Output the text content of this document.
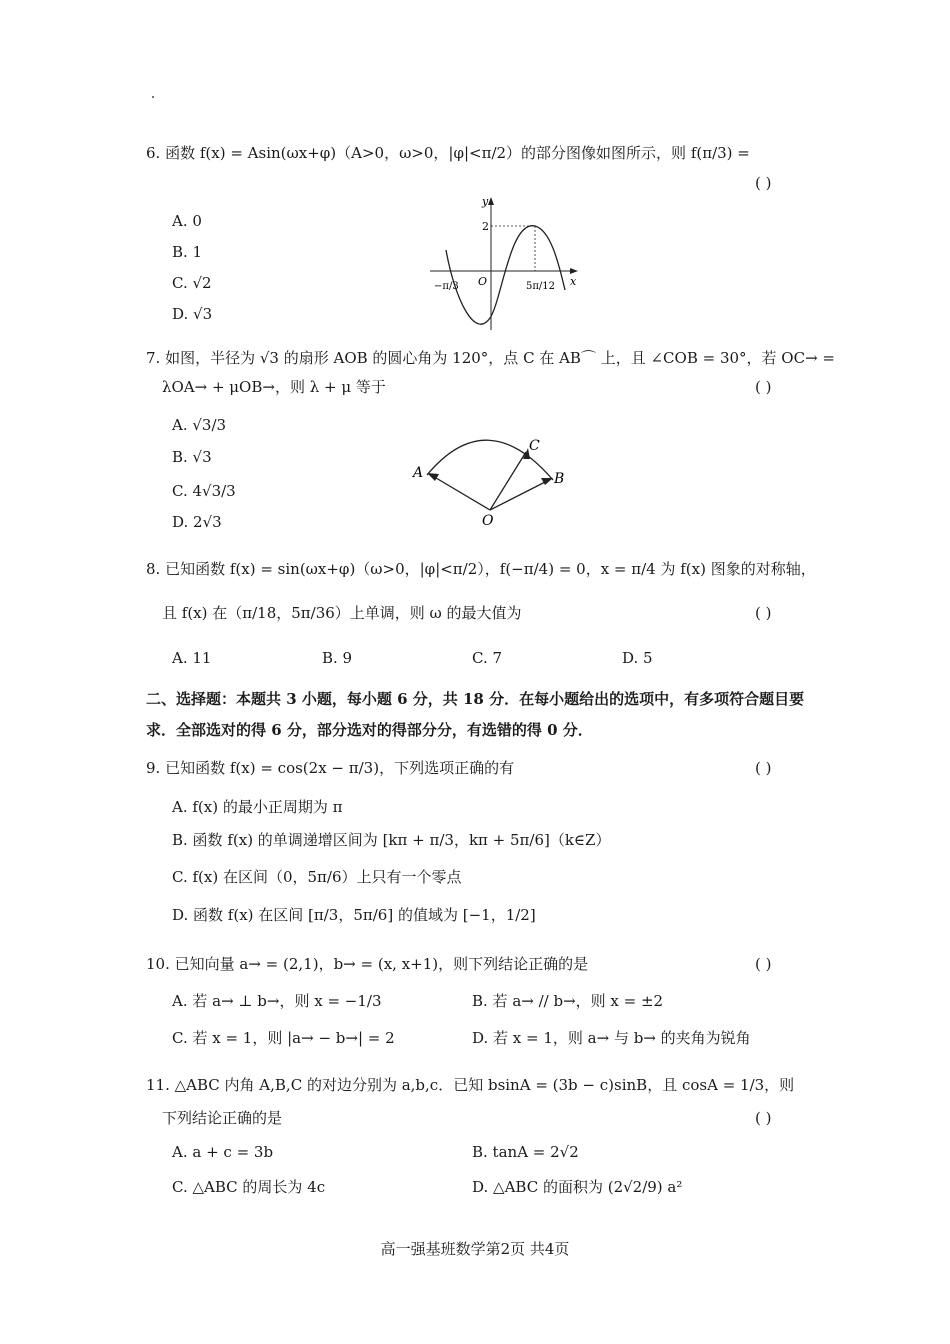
6. 函数 f(x) = Asin(ωx+φ)（A>0，ω>0，|φ|<π/2）的部分图像如图所示，则 f(π/3) =
( )
A. 0
B. 1
C. √2
D. √3
y
x
O
2
−π/3	5π/12
7. 如图，半径为 √3 的扇形 AOB 的圆心角为 120°，点 C 在 AB⌒ 上，且 ∠COB = 30°，若 OC→ =
λOA→ + μOB→，则 λ + μ 等于	( )
A. √3/3
B. √3
C. 4√3/3
D. 2√3
A	B
C
O
8. 已知函数 f(x) = sin(ωx+φ)（ω>0，|φ|<π/2），f(−π/4) = 0，x = π/4 为 f(x) 图象的对称轴，
且 f(x) 在（π/18，5π/36）上单调，则 ω 的最大值为	( )
A. 11	B. 9	C. 7	D. 5
二、选择题：本题共 3 小题，每小题 6 分，共 18 分．在每小题给出的选项中，有多项符合题目要
求．全部选对的得 6 分，部分选对的得部分分，有选错的得 0 分．
9. 已知函数 f(x) = cos(2x − π/3)，下列选项正确的有	( )
A. f(x) 的最小正周期为 π
B. 函数 f(x) 的单调递增区间为 [kπ + π/3，kπ + 5π/6]（k∈Z）
C. f(x) 在区间（0，5π/6）上只有一个零点
D. 函数 f(x) 在区间 [π/3，5π/6] 的值域为 [−1，1/2]
10. 已知向量 a→ = (2,1)，b→ = (x, x+1)，则下列结论正确的是	( )
A. 若 a→ ⊥ b→，则 x = −1/3	B. 若 a→ // b→，则 x = ±2
C. 若 x = 1，则 |a→ − b→| = 2	D. 若 x = 1，则 a→ 与 b→ 的夹角为锐角
11. △ABC 内角 A,B,C 的对边分别为 a,b,c．已知 bsinA = (3b − c)sinB，且 cosA = 1/3，则
下列结论正确的是	( )
A. a + c = 3b	B. tanA = 2√2
C. △ABC 的周长为 4c	D. △ABC 的面积为 (2√2/9) a²
高一强基班数学第2页 共4页
